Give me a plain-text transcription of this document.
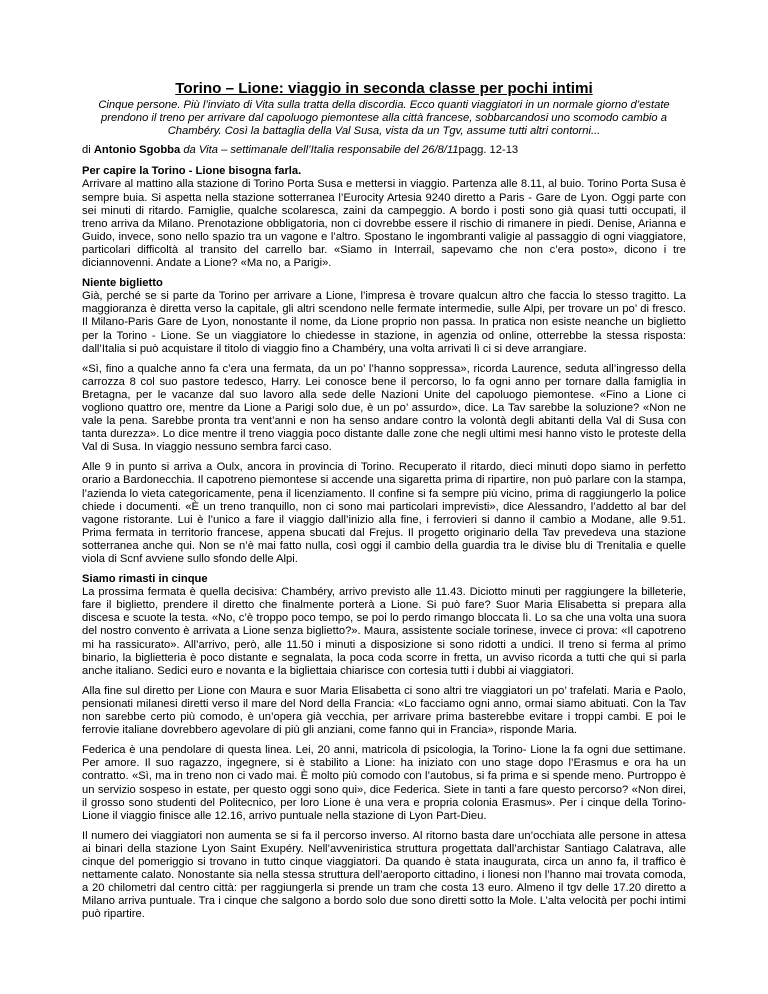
Torino – Lione: viaggio in seconda classe per pochi intimi
Cinque persone. Più l’inviato di Vita sulla tratta della discordia. Ecco quanti viaggiatori in un normale giorno d’estate prendono il treno per arrivare dal capoluogo piemontese alla città francese, sobbarcandosi uno scomodo cambio a Chambéry. Così la battaglia della Val Susa, vista da un Tgv, assume tutti altri contorni...
di Antonio Sgobba da Vita – settimanale dell’Italia responsabile del 26/8/11pagg. 12-13
Per capire la Torino - Lione bisogna farla.

Arrivare al mattino alla stazione di Torino Porta Susa e mettersi in viaggio. Partenza alle 8.11, al buio. Torino Porta Susa è sempre buia. Si aspetta nella stazione sotterranea l’Eurocity Artesia 9240 diretto a Paris - Gare de Lyon. Oggi parte con sei minuti di ritardo. Famiglie, qualche scolaresca, zaini da campeggio. A bordo i posti sono già quasi tutti occupati, il treno arriva da Milano. Prenotazione obbligatoria, non ci dovrebbe essere il rischio di rimanere in piedi. Denise, Arianna e Guido, invece, sono nello spazio tra un vagone e l’altro. Spostano le ingombranti valigie al passaggio di ogni viaggiatore, particolari difficoltà al transito del carrello bar. «Siamo in Interrail, sapevamo che non c’era posto», dicono i tre diciannovenni. Andate a Lione? «Ma no, a Parigi».

Niente biglietto

Già, perché se si parte da Torino per arrivare a Lione, l’impresa è trovare qualcun altro che faccia lo stesso tragitto. La maggioranza è diretta verso la capitale, gli altri scendono nelle fermate intermedie, sulle Alpi, per trovare un po’ di fresco. Il Milano-Paris Gare de Lyon, nonostante il nome, da Lione proprio non passa. In pratica non esiste neanche un biglietto per la Torino - Lione. Se un viaggiatore lo chiedesse in stazione, in agenzia od online, otterrebbe la stessa risposta: dall’Italia si può acquistare il titolo di viaggio fino a Chambéry, una volta arrivati lì ci si deve arrangiare.

«Sì, fino a qualche anno fa c’era una fermata, da un po’ l’hanno soppressa», ricorda Laurence, seduta all’ingresso della carrozza 8 col suo pastore tedesco, Harry. Lei conosce bene il percorso, lo fa ogni anno per tornare dalla famiglia in Bretagna, per le vacanze dal suo lavoro alla sede delle Nazioni Unite del capoluogo piemontese. «Fino a Lione ci vogliono quattro ore, mentre da Lione a Parigi solo due, è un po’ assurdo», dice. La Tav sarebbe la soluzione? «Non ne vale la pena. Sarebbe pronta tra vent’anni e non ha senso andare contro la volontà degli abitanti della Val di Susa con tanta durezza». Lo dice mentre il treno viaggia poco distante dalle zone che negli ultimi mesi hanno visto le proteste della Val di Susa. In viaggio nessuno sembra farci caso.

Alle 9 in punto si arriva a Oulx, ancora in provincia di Torino. Recuperato il ritardo, dieci minuti dopo siamo in perfetto orario a Bardonecchia. Il capotreno piemontese si accende una sigaretta prima di ripartire, non può parlare con la stampa, l’azienda lo vieta categoricamente, pena il licenziamento. Il confine si fa sempre più vicino, prima di raggiungerlo la police chiede i documenti. «È un treno tranquillo, non ci sono mai particolari imprevisti», dice Alessandro, l’addetto al bar del vagone ristorante. Lui è l’unico a fare il viaggio dall’inizio alla fine, i ferrovieri si danno il cambio a Modane, alle 9.51. Prima fermata in territorio francese, appena sbucati dal Frejus. Il progetto originario della Tav prevedeva una stazione sotterranea anche qui. Non se n’è mai fatto nulla, così oggi il cambio della guardia tra le divise blu di Trenitalia e quelle viola di Scnf avviene sullo sfondo delle Alpi.

Siamo rimasti in cinque

La prossima fermata è quella decisiva: Chambéry, arrivo previsto alle 11.43. Diciotto minuti per raggiungere la billeterie, fare il biglietto, prendere il diretto che finalmente porterà a Lione. Si può fare? Suor Maria Elisabetta si prepara alla discesa e scuote la testa. «No, c’è troppo poco tempo, se poi lo perdo rimango bloccata lì. Lo sa che una volta una suora del nostro convento è arrivata a Lione senza biglietto?». Maura, assistente sociale torinese, invece ci prova: «Il capotreno mi ha rassicurato». All’arrivo, però, alle 11.50 i minuti a disposizione si sono ridotti a undici. Il treno si ferma al primo binario, la biglietteria è poco distante e segnalata, la poca coda scorre in fretta, un avviso ricorda a tutti che qui si parla anche italiano. Sedici euro e novanta e la bigliettaia chiarisce con cortesia tutti i dubbi ai viaggiatori.

Alla fine sul diretto per Lione con Maura e suor Maria Elisabetta ci sono altri tre viaggiatori un po’ trafelati. Maria e Paolo, pensionati milanesi diretti verso il mare del Nord della Francia: «Lo facciamo ogni anno, ormai siamo abituati. Con la Tav non sarebbe certo più comodo, è un’opera già vecchia, per arrivare prima basterebbe evitare i troppi cambi. E poi le ferrovie italiane dovrebbero agevolare di più gli anziani, come fanno qui in Francia», risponde Maria.

Federica è una pendolare di questa linea. Lei, 20 anni, matricola di psicologia, la Torino- Lione la fa ogni due settimane. Per amore. Il suo ragazzo, ingegnere, si è stabilito a Lione: ha iniziato con uno stage dopo l’Erasmus e ora ha un contratto. «Sì, ma in treno non ci vado mai. È molto più comodo con l’autobus, si fa prima e si spende meno. Purtroppo è un servizio sospeso in estate, per questo oggi sono qui», dice Federica. Siete in tanti a fare questo percorso? «Non direi, il grosso sono studenti del Politecnico, per loro Lione è una vera e propria colonia Erasmus». Per i cinque della Torino-Lione il viaggio finisce alle 12.16, arrivo puntuale nella stazione di Lyon Part-Dieu.

Il numero dei viaggiatori non aumenta se si fa il percorso inverso. Al ritorno basta dare un’occhiata alle persone in attesa ai binari della stazione Lyon Saint Exupéry. Nell’avveniristica struttura progettata dall’archistar Santiago Calatrava, alle cinque del pomeriggio si trovano in tutto cinque viaggiatori. Da quando è stata inaugurata, circa un anno fa, il traffico è nettamente calato. Nonostante sia nella stessa struttura dell’aeroporto cittadino, i lionesi non l’hanno mai trovata comoda, a 20 chilometri dal centro città: per raggiungerla si prende un tram che costa 13 euro. Almeno il tgv delle 17.20 diretto a Milano arriva puntuale. Tra i cinque che salgono a bordo solo due sono diretti sotto la Mole. L’alta velocità per pochi intimi può ripartire.
